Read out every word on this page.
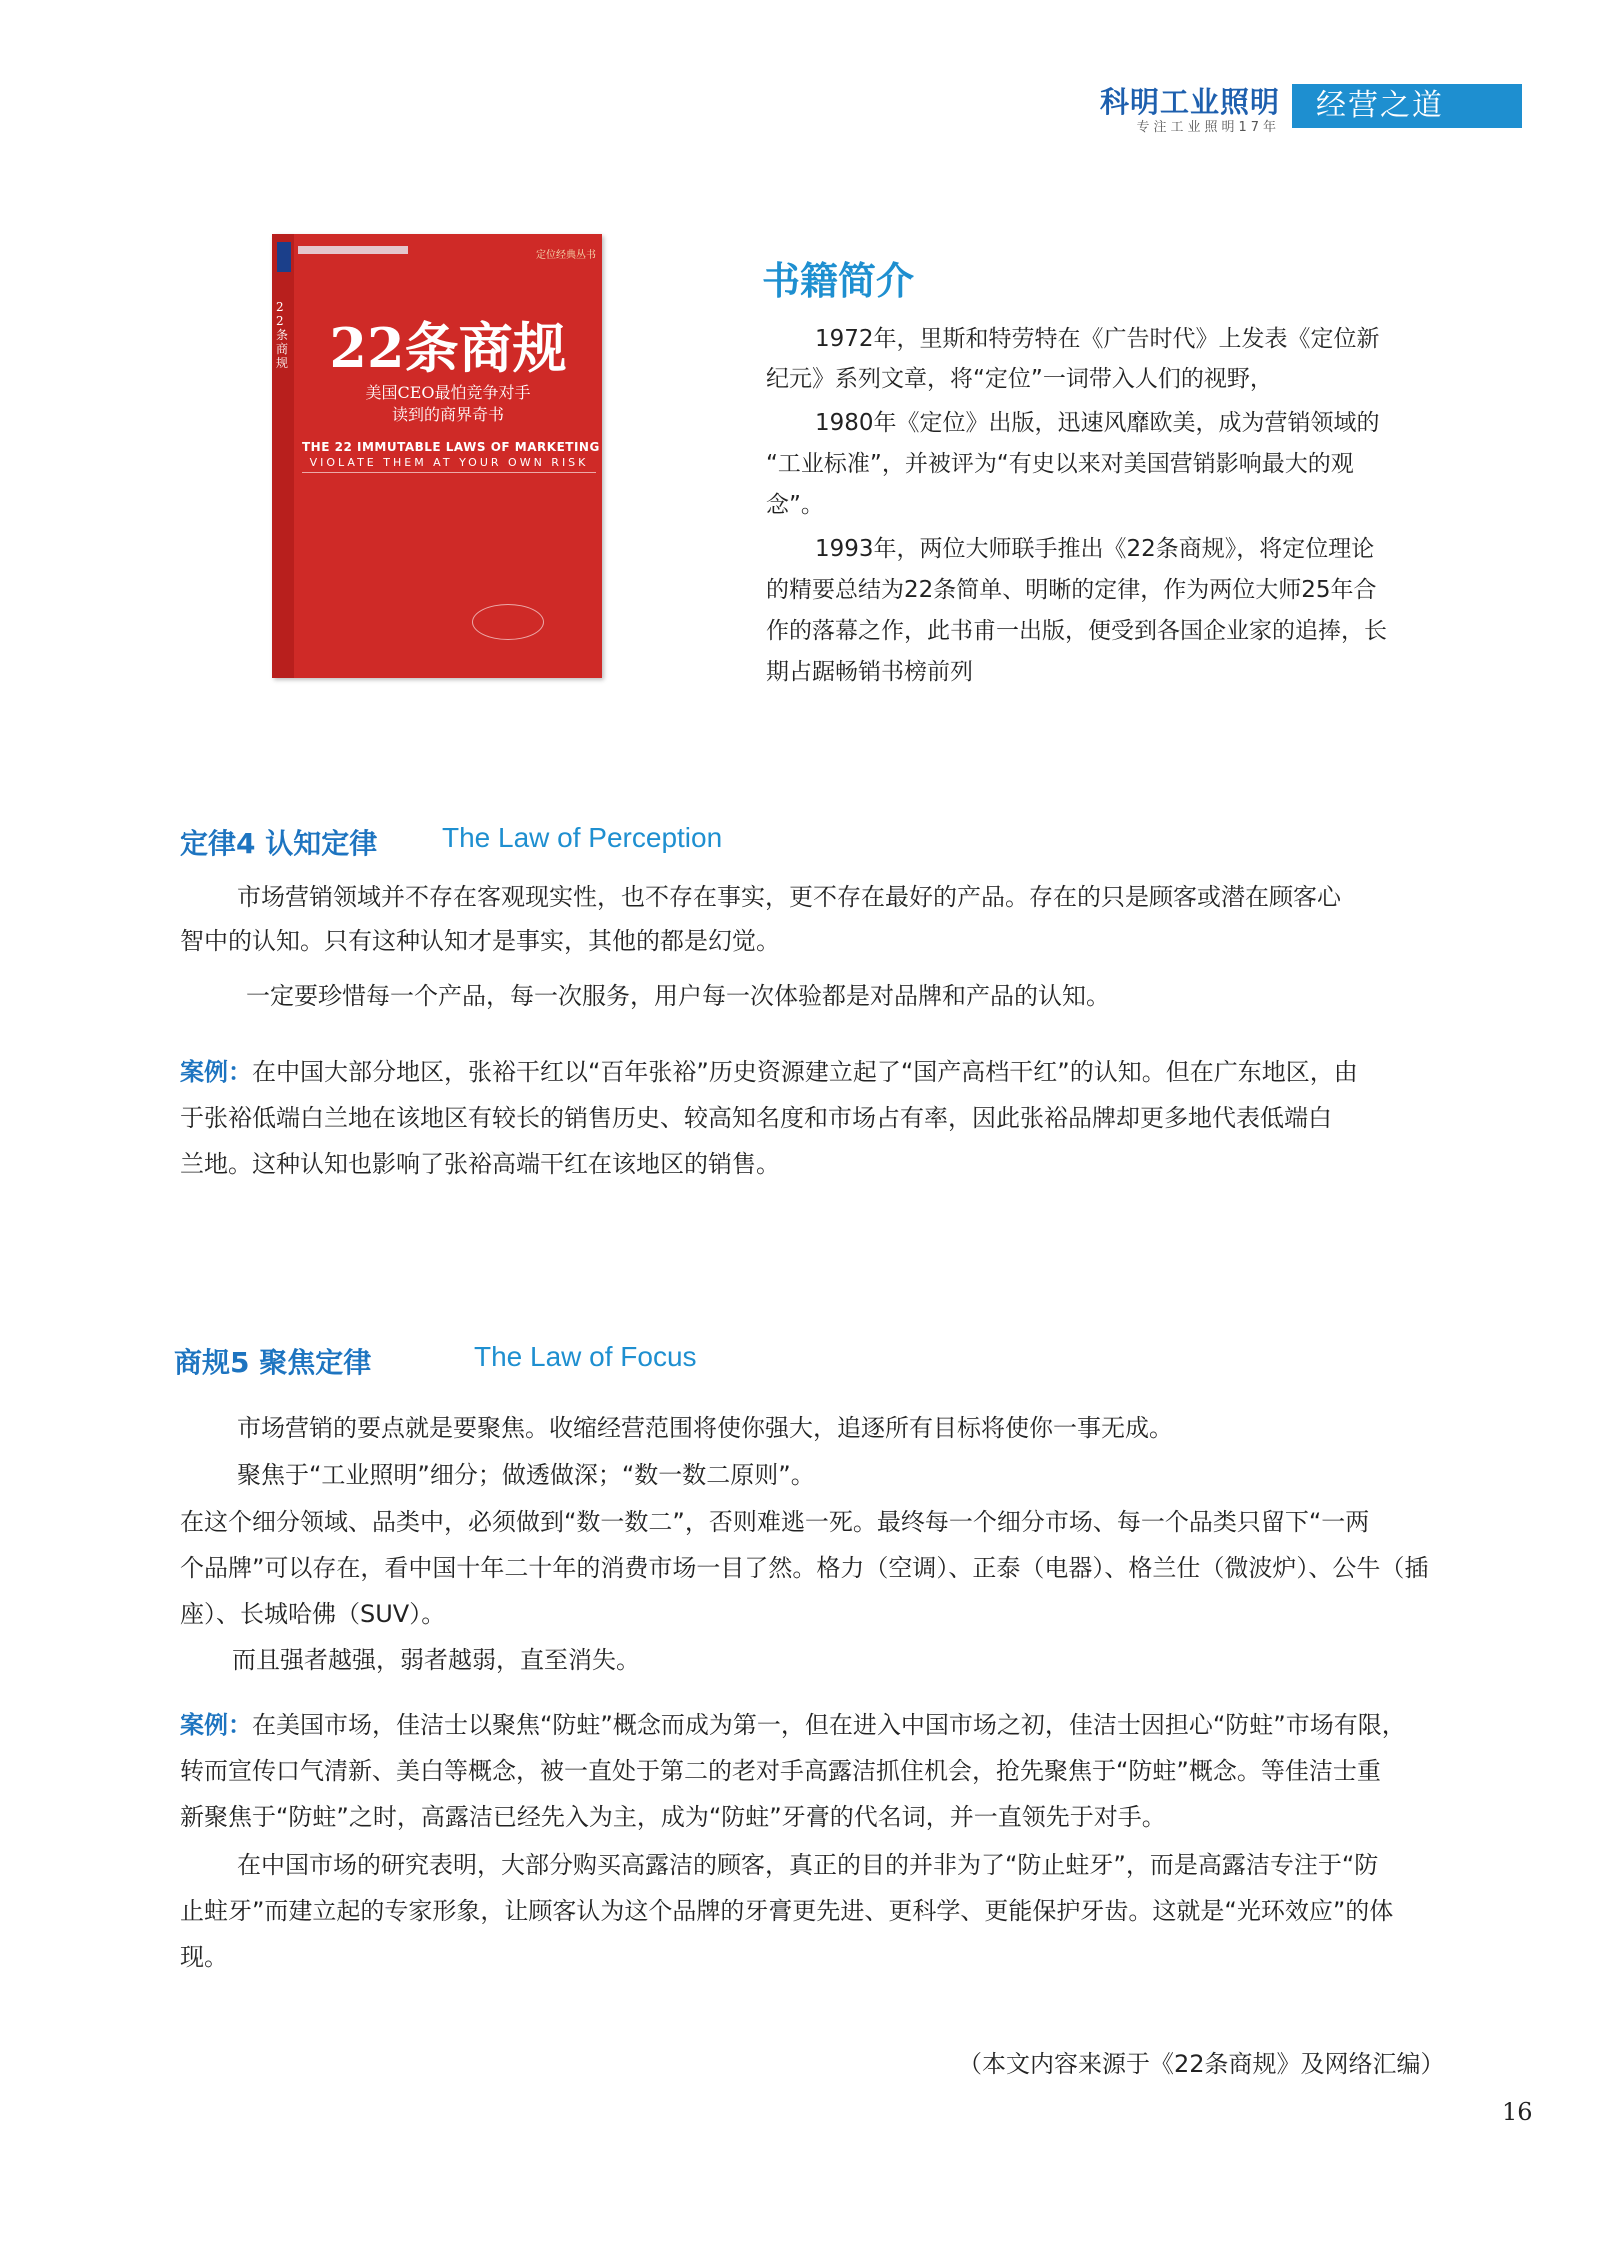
科明工业照明
专注工业照明17年
经营之道
定位经典丛书
22条商规 22条商规
美国CEO最怕竞争对手
读到的商界奇书
THE 22 IMMUTABLE LAWS OF MARKETING
VIOLATE THEM AT YOUR OWN RISK
书籍简介
1972年，里斯和特劳特在《广告时代》上发表《定位新
纪元》系列文章，将“定位”一词带入人们的视野，
1980年《定位》出版，迅速风靡欧美，成为营销领域的
“工业标准”，并被评为“有史以来对美国营销影响最大的观
念”。
1993年，两位大师联手推出《22条商规》，将定位理论
的精要总结为22条简单、明晰的定律，作为两位大师25年合
作的落幕之作，此书甫一出版，便受到各国企业家的追捧，长
期占踞畅销书榜前列
定律4 认知定律 The Law of Perception
市场营销领域并不存在客观现实性，也不存在事实，更不存在最好的产品。存在的只是顾客或潜在顾客心
智中的认知。只有这种认知才是事实，其他的都是幻觉。
一定要珍惜每一个产品，每一次服务，用户每一次体验都是对品牌和产品的认知。
案例：在中国大部分地区，张裕干红以“百年张裕”历史资源建立起了“国产高档干红”的认知。但在广东地区，由
于张裕低端白兰地在该地区有较长的销售历史、较高知名度和市场占有率，因此张裕品牌却更多地代表低端白
兰地。这种认知也影响了张裕高端干红在该地区的销售。
商规5 聚焦定律	The Law of Focus
市场营销的要点就是要聚焦。收缩经营范围将使你强大，追逐所有目标将使你一事无成。
聚焦于“工业照明”细分；做透做深；“数一数二原则”。
在这个细分领域、品类中，必须做到“数一数二”，否则难逃一死。最终每一个细分市场、每一个品类只留下“一两
个品牌”可以存在，看中国十年二十年的消费市场一目了然。格力（空调）、正泰（电器）、格兰仕（微波炉）、公牛（插
座）、长城哈佛（SUV）。
而且强者越强，弱者越弱，直至消失。
案例：在美国市场，佳洁士以聚焦“防蛀”概念而成为第一，但在进入中国市场之初，佳洁士因担心“防蛀”市场有限，
转而宣传口气清新、美白等概念，被一直处于第二的老对手高露洁抓住机会，抢先聚焦于“防蛀”概念。等佳洁士重
新聚焦于“防蛀”之时，高露洁已经先入为主，成为“防蛀”牙膏的代名词，并一直领先于对手。
在中国市场的研究表明，大部分购买高露洁的顾客，真正的目的并非为了“防止蛀牙”，而是高露洁专注于“防
止蛀牙”而建立起的专家形象，让顾客认为这个品牌的牙膏更先进、更科学、更能保护牙齿。这就是“光环效应”的体
现。
（本文内容来源于《22条商规》及网络汇编）
16
